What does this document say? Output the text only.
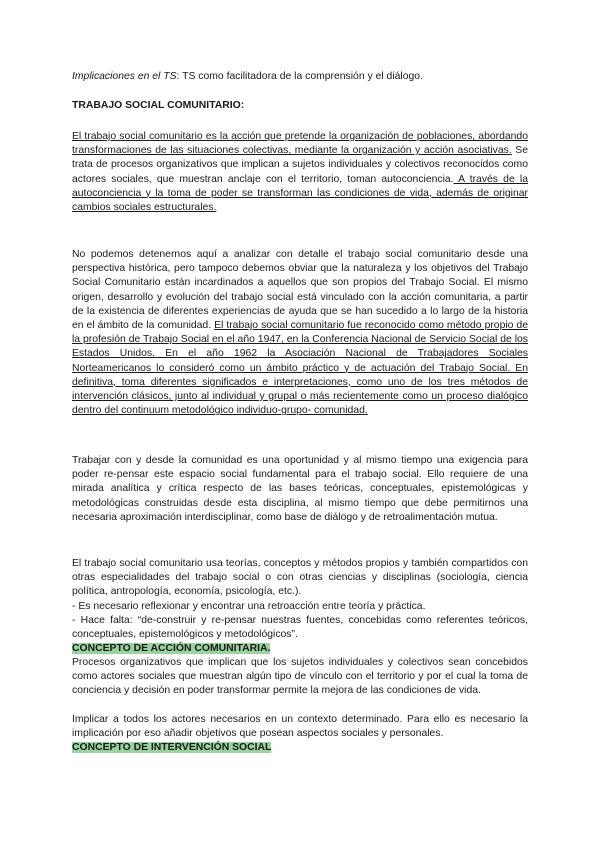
Implicaciones en el TS: TS como facilitadora de la comprensión y el diálogo.

TRABAJO SOCIAL COMUNITARIO:

El trabajo social comunitario es la acción que pretende la organización de poblaciones, abordando transformaciones de las situaciones colectivas, mediante la organización y acción asociativas. Se trata de procesos organizativos que implican a sujetos individuales y colectivos reconocidos como actores sociales, que muestran anclaje con el territorio, toman autoconciencia. A través de la autoconciencia y la toma de poder se transforman las condiciones de vida, además de originar cambios sociales estructurales.

No podemos detenernos aquí a analizar con detalle el trabajo social comunitario desde una perspectiva histórica, pero tampoco debemos obviar que la naturaleza y los objetivos del Trabajo Social Comunitario están incardinados a aquellos que son propios del Trabajo Social. El mismo origen, desarrollo y evolución del trabajo social está vinculado con la acción comunitaria, a partir de la existencia de diferentes experiencias de ayuda que se han sucedido a lo largo de la historia en el ámbito de la comunidad. El trabajo social comunitario fue reconocido como método propio de la profesión de Trabajo Social en el año 1947, en la Conferencia Nacional de Servicio Social de los Estados Unidos. En el año 1962 la Asociación Nacional de Trabajadores Sociales Norteamericanos lo consideró como un ámbito práctico y de actuación del Trabajo Social. En definitiva, toma diferentes significados e interpretaciones, como uno de los tres métodos de intervención clásicos, junto al individual y grupal o más recientemente como un proceso dialógico dentro del continuum metodológico individuo-grupo- comunidad.

Trabajar con y desde la comunidad es una oportunidad y al mismo tiempo una exigencia para poder re-pensar este espacio social fundamental para el trabajo social. Ello requiere de una mirada analítica y crítica respecto de las bases teóricas, conceptuales, epistemológicas y metodológicas construidas desde esta disciplina, al mismo tiempo que debe permitirnos una necesaria aproximación interdisciplinar, como base de diálogo y de retroalimentación mutua.

El trabajo social comunitario usa teorías, conceptos y métodos propios y también compartidos con otras especialidades del trabajo social o con otras ciencias y disciplinas (sociología, ciencia política, antropología, economía, psicología, etc.).

- Es necesario reflexionar y encontrar una retroacción entre teoría y práctica.

- Hace falta: “de-construir y re-pensar nuestras fuentes, concebidas como referentes teóricos, conceptuales, epistemológicos y metodológicos”.

CONCEPTO DE ACCIÓN COMUNITARIA.

Procesos organizativos que implican que los sujetos individuales y colectivos sean concebidos como actores sociales que muestran algún tipo de vínculo con el territorio y por el cual la toma de conciencia y decisión en poder transformar permite la mejora de las condiciones de vida.

Implicar a todos los actores necesarios en un contexto determinado. Para ello es necesario la implicación por eso añadir objetivos que posean aspectos sociales y personales.

CONCEPTO DE INTERVENCIÓN SOCIAL
